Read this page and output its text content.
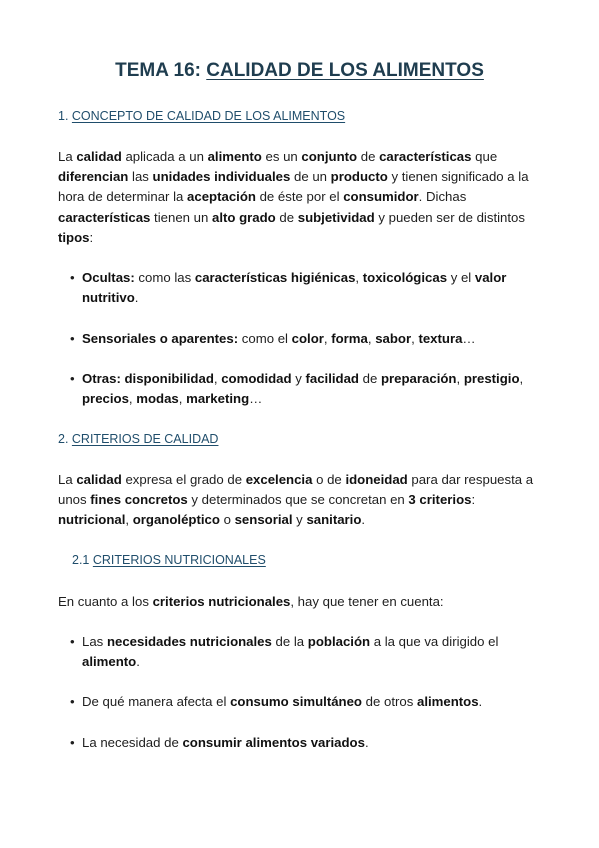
TEMA 16: CALIDAD DE LOS ALIMENTOS
1. CONCEPTO DE CALIDAD DE LOS ALIMENTOS

La calidad aplicada a un alimento es un conjunto de características que diferencian las unidades individuales de un producto y tienen significado a la hora de determinar la aceptación de éste por el consumidor. Dichas características tienen un alto grado de subjetividad y pueden ser de distintos tipos:

• Ocultas: como las características higiénicas, toxicológicas y el valor nutritivo.

• Sensoriales o aparentes: como el color, forma, sabor, textura…

• Otras: disponibilidad, comodidad y facilidad de preparación, prestigio, precios, modas, marketing…

2. CRITERIOS DE CALIDAD

La calidad expresa el grado de excelencia o de idoneidad para dar respuesta a unos fines concretos y determinados que se concretan en 3 criterios: nutricional, organoléptico o sensorial y sanitario.

2.1 CRITERIOS NUTRICIONALES

En cuanto a los criterios nutricionales, hay que tener en cuenta:

• Las necesidades nutricionales de la población a la que va dirigido el alimento.

• De qué manera afecta el consumo simultáneo de otros alimentos.

• La necesidad de consumir alimentos variados.
